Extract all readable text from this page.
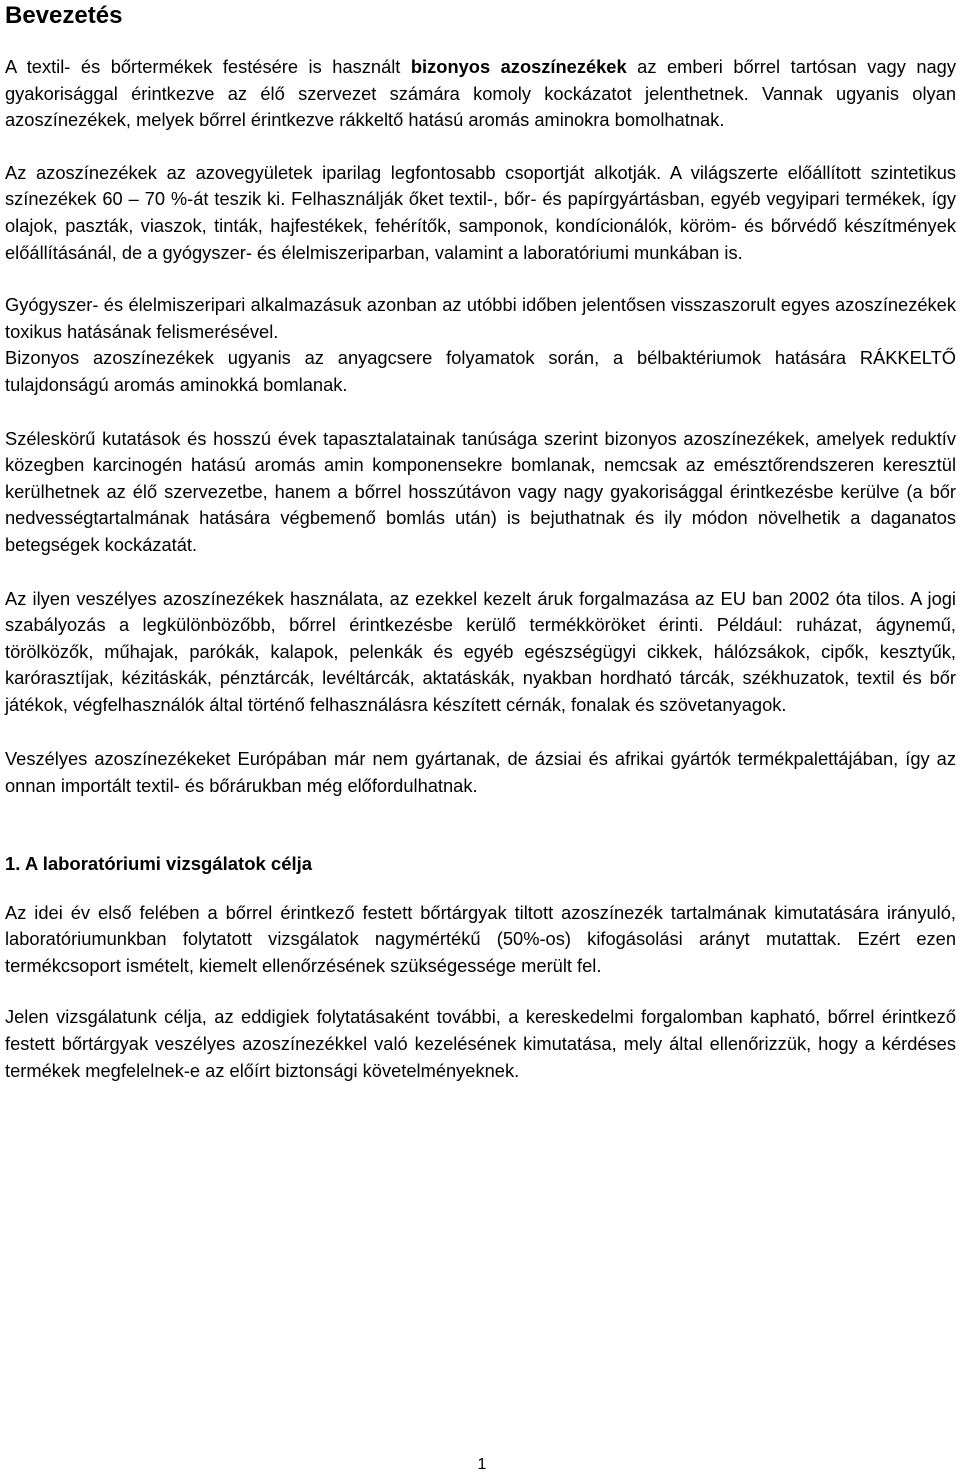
Bevezetés

A textil- és bőrtermékek festésére is használt bizonyos azoszínezékek az emberi bőrrel tartósan vagy nagy gyakorisággal érintkezve az élő szervezet számára komoly kockázatot jelenthetnek. Vannak ugyanis olyan azoszínezékek, melyek bőrrel érintkezve rákkeltő hatású aromás aminokra bomolhatnak.

Az azoszínezékek az azovegyületek iparilag legfontosabb csoportját alkotják. A világszerte előállított szintetikus színezékek 60 – 70 %-át teszik ki. Felhasználják őket textil-, bőr- és papírgyártásban, egyéb vegyipari termékek, így olajok, paszták, viaszok, tinták, hajfestékek, fehérítők, samponok, kondícionálók, köröm- és bőrvédő készítmények előállításánál, de a gyógyszer- és élelmiszeriparban, valamint a laboratóriumi munkában is.

Gyógyszer- és élelmiszeripari alkalmazásuk azonban az utóbbi időben jelentősen visszaszorult egyes azoszínezékek toxikus hatásának felismerésével.

Bizonyos azoszínezékek ugyanis az anyagcsere folyamatok során, a bélbaktériumok hatására RÁKKELTŐ tulajdonságú aromás aminokká bomlanak.

Széleskörű kutatások és hosszú évek tapasztalatainak tanúsága szerint bizonyos azoszínezékek, amelyek reduktív közegben karcinogén hatású aromás amin komponensekre bomlanak, nemcsak az emésztőrendszeren keresztül kerülhetnek az élő szervezetbe, hanem a bőrrel hosszútávon vagy nagy gyakorisággal érintkezésbe kerülve (a bőr nedvességtartalmának hatására végbemenő bomlás után) is bejuthatnak és ily módon növelhetik a daganatos betegségek kockázatát.

Az ilyen veszélyes azoszínezékek használata, az ezekkel kezelt áruk forgalmazása az EU ban 2002 óta tilos. A jogi szabályozás a legkülönbözőbb, bőrrel érintkezésbe kerülő termékköröket érinti. Például: ruházat, ágynemű, törölközők, műhajak, parókák, kalapok, pelenkák és egyéb egészségügyi cikkek, hálózsákok, cipők, kesztyűk, karórasztíjak, kézitáskák, pénztárcák, levéltárcák, aktatáskák, nyakban hordható tárcák, székhuzatok, textil és bőr játékok, végfelhasználók által történő felhasználásra készített cérnák, fonalak és szövetanyagok.

Veszélyes azoszínezékeket Európában már nem gyártanak, de ázsiai és afrikai gyártók termékpalettájában, így az onnan importált textil- és bőrárukban még előfordulhatnak.

1. A laboratóriumi vizsgálatok célja

Az idei év első felében a bőrrel érintkező festett bőrtárgyak tiltott azoszínezék tartalmának kimutatására irányuló, laboratóriumunkban folytatott vizsgálatok nagymértékű (50%-os) kifogásolási arányt mutattak. Ezért ezen termékcsoport ismételt, kiemelt ellenőrzésének szükségessége merült fel.

Jelen vizsgálatunk célja, az eddigiek folytatásaként további, a kereskedelmi forgalomban kapható, bőrrel érintkező festett bőrtárgyak veszélyes azoszínezékkel való kezelésének kimutatása, mely által ellenőrizzük, hogy a kérdéses termékek megfelelnek-e az előírt biztonsági követelményeknek.

1
